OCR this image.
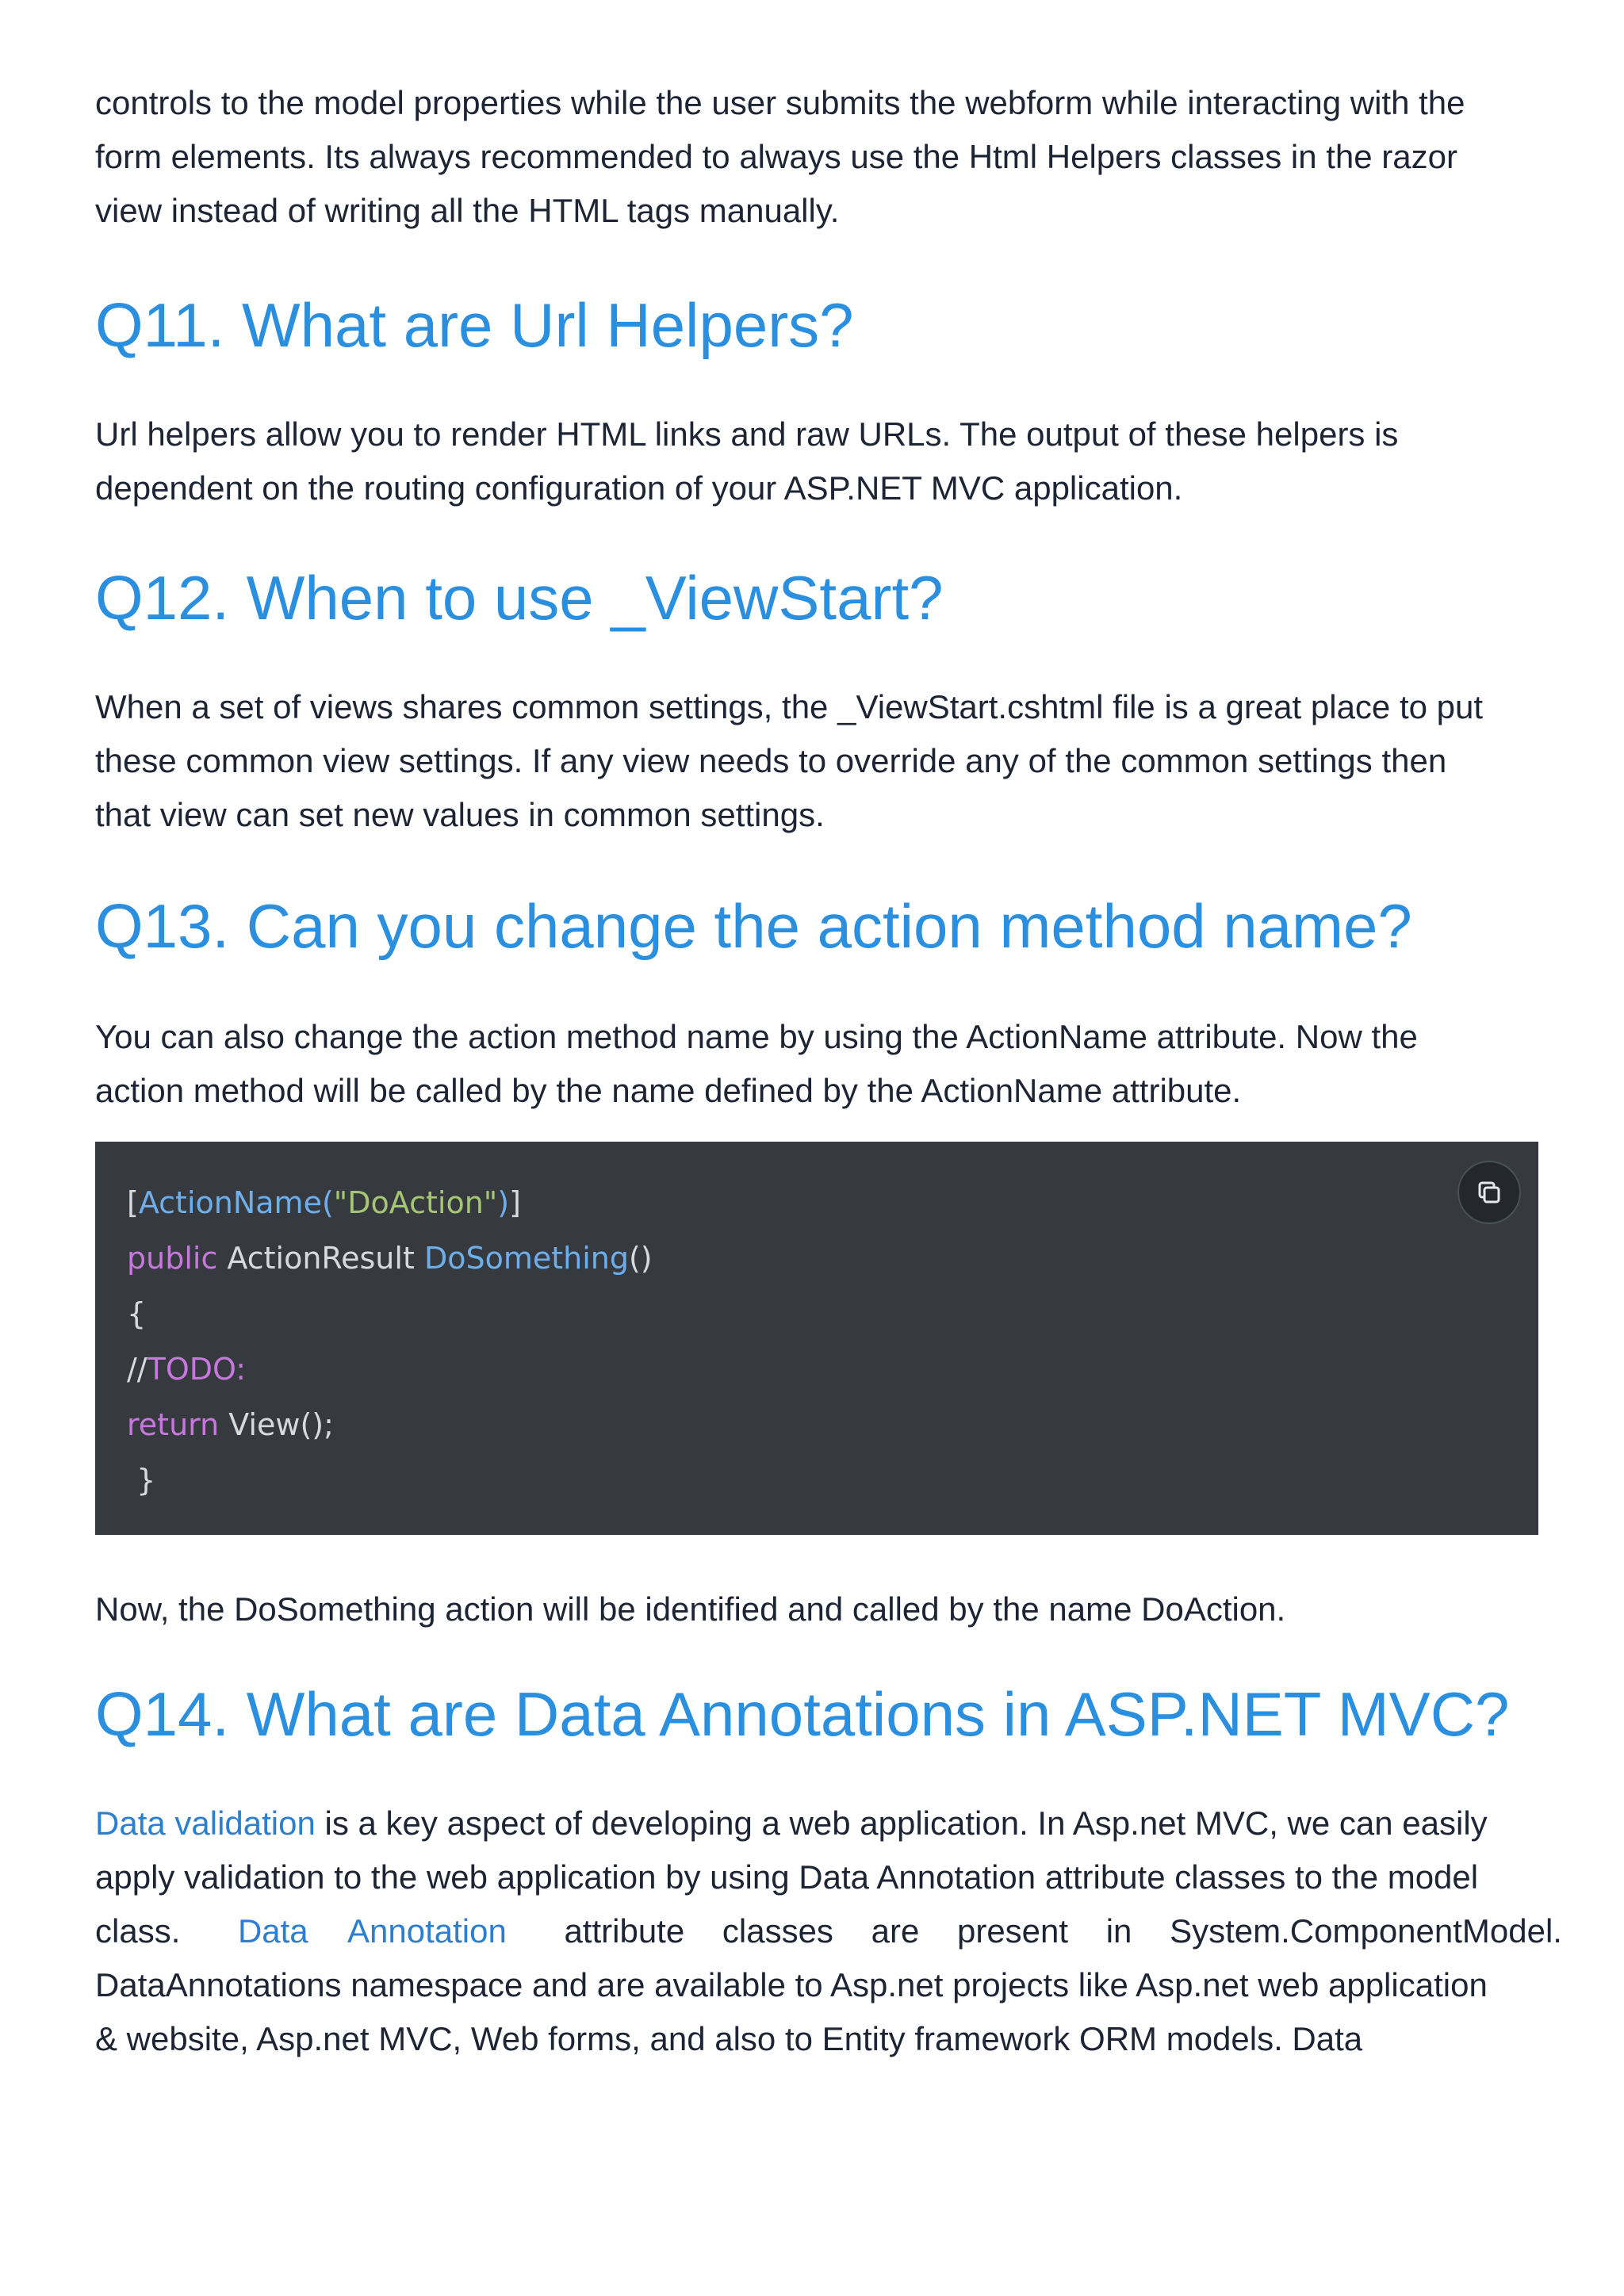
controls to the model properties while the user submits the webform while interacting with the

form elements. Its always recommended to always use the Html Helpers classes in the razor

view instead of writing all the HTML tags manually.

Q11. What are Url Helpers?

Url helpers allow you to render HTML links and raw URLs. The output of these helpers is

dependent on the routing configuration of your ASP.NET MVC application.

Q12. When to use _ViewStart?

When a set of views shares common settings, the _ViewStart.cshtml file is a great place to put

these common view settings. If any view needs to override any of the common settings then

that view can set new values in common settings.

Q13. Can you change the action method name?

You can also change the action method name by using the ActionName attribute. Now the

action method will be called by the name defined by the ActionName attribute.

[ActionName("DoAction")]
public ActionResult DoSomething()
{
//TODO:
return View();
}

Now, the DoSomething action will be identified and called by the name DoAction.

Q14. What are Data Annotations in ASP.NET MVC?

Data validation is a key aspect of developing a web application. In Asp.net MVC, we can easily

apply validation to the web application by using Data Annotation attribute classes to the model

class. Data Annotation attribute classes are present in System.ComponentModel.

DataAnnotations namespace and are available to Asp.net projects like Asp.net web application

& website, Asp.net MVC, Web forms, and also to Entity framework ORM models. Data
